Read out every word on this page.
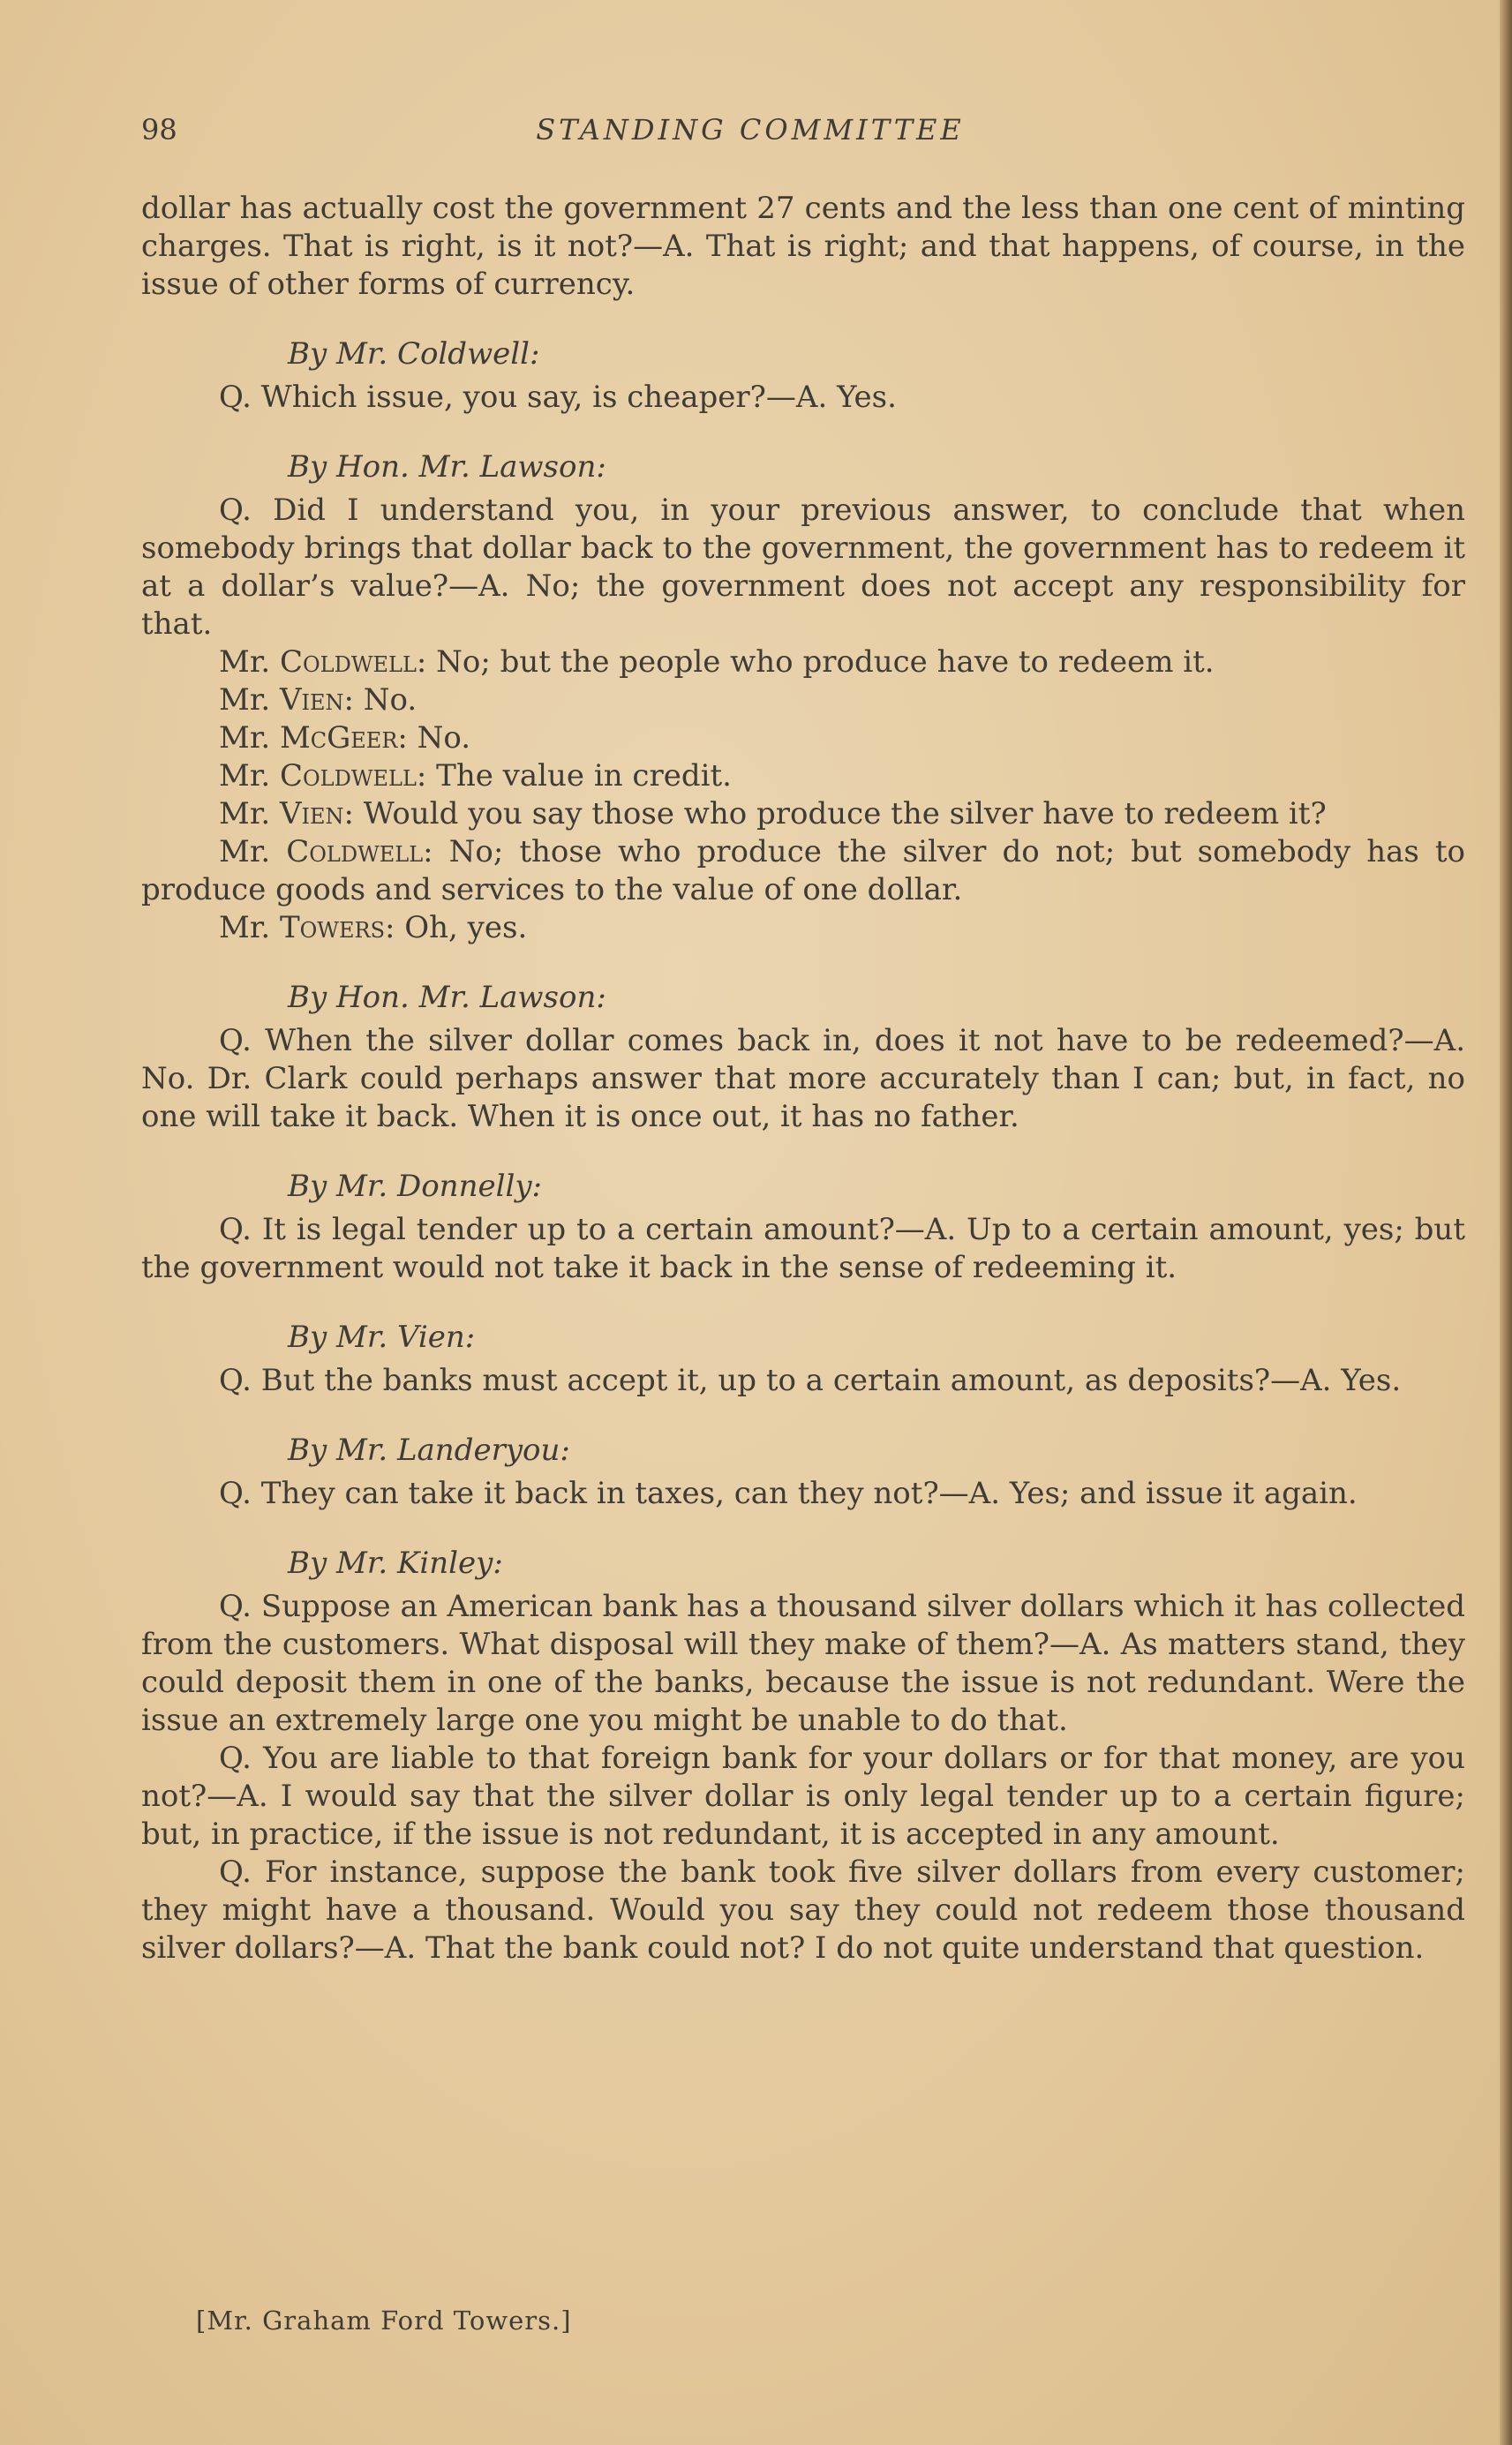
98	STANDING COMMITTEE

dollar has actually cost the government 27 cents and the less than one cent of minting charges. That is right, is it not?—A. That is right; and that happens, of course, in the issue of other forms of currency.

By Mr. Coldwell:

Q. Which issue, you say, is cheaper?—A. Yes.

By Hon. Mr. Lawson:

Q. Did I understand you, in your previous answer, to conclude that when somebody brings that dollar back to the government, the government has to redeem it at a dollar’s value?—A. No; the government does not accept any responsibility for that.

Mr. Coldwell: No; but the people who produce have to redeem it.

Mr. Vien: No.

Mr. McGeer: No.

Mr. Coldwell: The value in credit.

Mr. Vien: Would you say those who produce the silver have to redeem it?

Mr. Coldwell: No; those who produce the silver do not; but somebody has to produce goods and services to the value of one dollar.

Mr. Towers: Oh, yes.

By Hon. Mr. Lawson:

Q. When the silver dollar comes back in, does it not have to be redeemed?—A. No. Dr. Clark could perhaps answer that more accurately than I can; but, in fact, no one will take it back. When it is once out, it has no father.

By Mr. Donnelly:

Q. It is legal tender up to a certain amount?—A. Up to a certain amount, yes; but the government would not take it back in the sense of redeeming it.

By Mr. Vien:

Q. But the banks must accept it, up to a certain amount, as deposits?—A. Yes.

By Mr. Landeryou:

Q. They can take it back in taxes, can they not?—A. Yes; and issue it again.

By Mr. Kinley:

Q. Suppose an American bank has a thousand silver dollars which it has collected from the customers. What disposal will they make of them?—A. As matters stand, they could deposit them in one of the banks, because the issue is not redundant. Were the issue an extremely large one you might be unable to do that.

Q. You are liable to that foreign bank for your dollars or for that money, are you not?—A. I would say that the silver dollar is only legal tender up to a certain figure; but, in practice, if the issue is not redundant, it is accepted in any amount.

Q. For instance, suppose the bank took five silver dollars from every customer; they might have a thousand. Would you say they could not redeem those thousand silver dollars?—A. That the bank could not? I do not quite understand that question.

[Mr. Graham Ford Towers.]
